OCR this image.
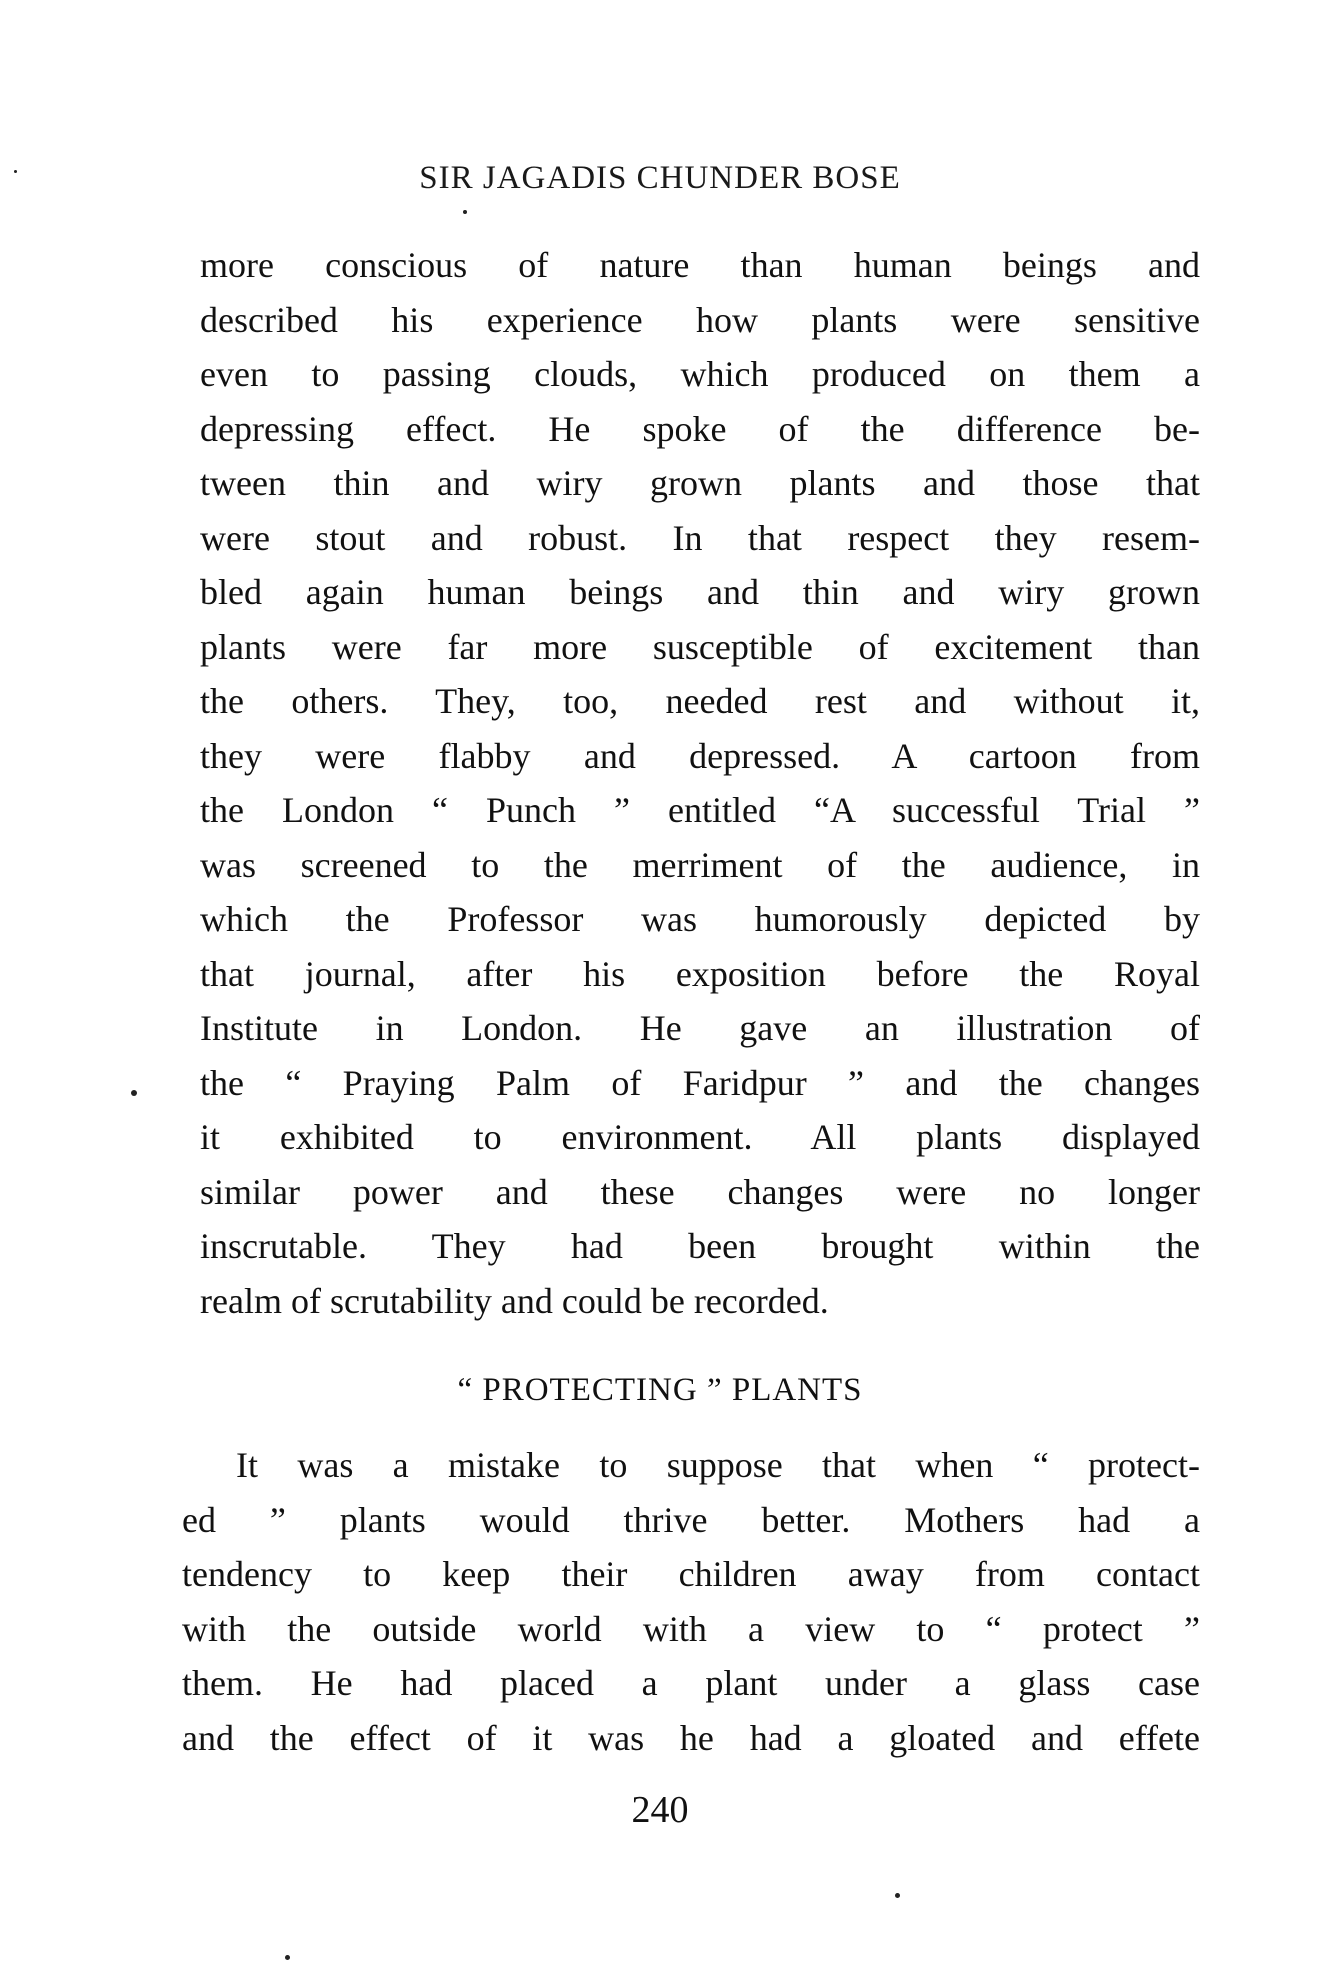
SIR JAGADIS CHUNDER BOSE
more conscious of nature than human beings and
described his experience how plants were sensitive
even to passing clouds, which produced on them a
depressing effect. He spoke of the difference be-
tween thin and wiry grown plants and those that
were stout and robust. In that respect they resem-
bled again human beings and thin and wiry grown
plants were far more susceptible of excitement than
the others. They, too, needed rest and without it,
they were flabby and depressed. A cartoon from
the London “ Punch ” entitled “A successful Trial ”
was screened to the merriment of the audience, in
which the Professor was humorously depicted by
that journal, after his exposition before the Royal
Institute in London. He gave an illustration of
the “ Praying Palm of Faridpur ” and the changes
it exhibited to environment. All plants displayed
similar power and these changes were no longer
inscrutable. They had been brought within the
realm of scrutability and could be recorded.
“ PROTECTING ” PLANTS
It was a mistake to suppose that when “ protect-
ed ” plants would thrive better. Mothers had a
tendency to keep their children away from contact
with the outside world with a view to “ protect ”
them. He had placed a plant under a glass case
and the effect of it was he had a gloated and effete
240
